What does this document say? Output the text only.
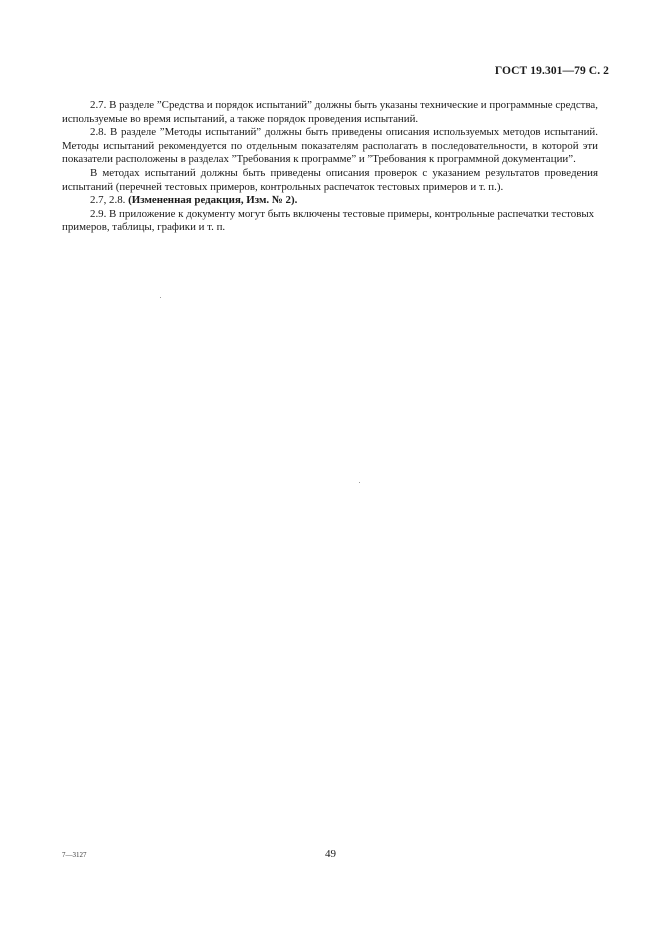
ГОСТ 19.301—79 С. 2

2.7. В разделе ”Средства и порядок испытаний” должны быть указаны технические и программные средства, используемые во время испытаний, а также порядок проведения испытаний.

2.8. В разделе ”Методы испытаний” должны быть приведены описания используемых методов испытаний. Методы испытаний рекомендуется по отдельным показателям располагать в последовательности, в которой эти показатели расположены в разделах ”Требования к программе” и ”Требования к программной документации”.

В методах испытаний должны быть приведены описания проверок с указанием результатов проведения испытаний (перечней тестовых примеров, контрольных распечаток тестовых примеров и т. п.).

2.7, 2.8. (Измененная редакция, Изм. № 2).

2.9. В приложение к документу могут быть включены тестовые примеры, контрольные распечатки тестовых примеров, таблицы, графики и т. п.

7—3127	49
